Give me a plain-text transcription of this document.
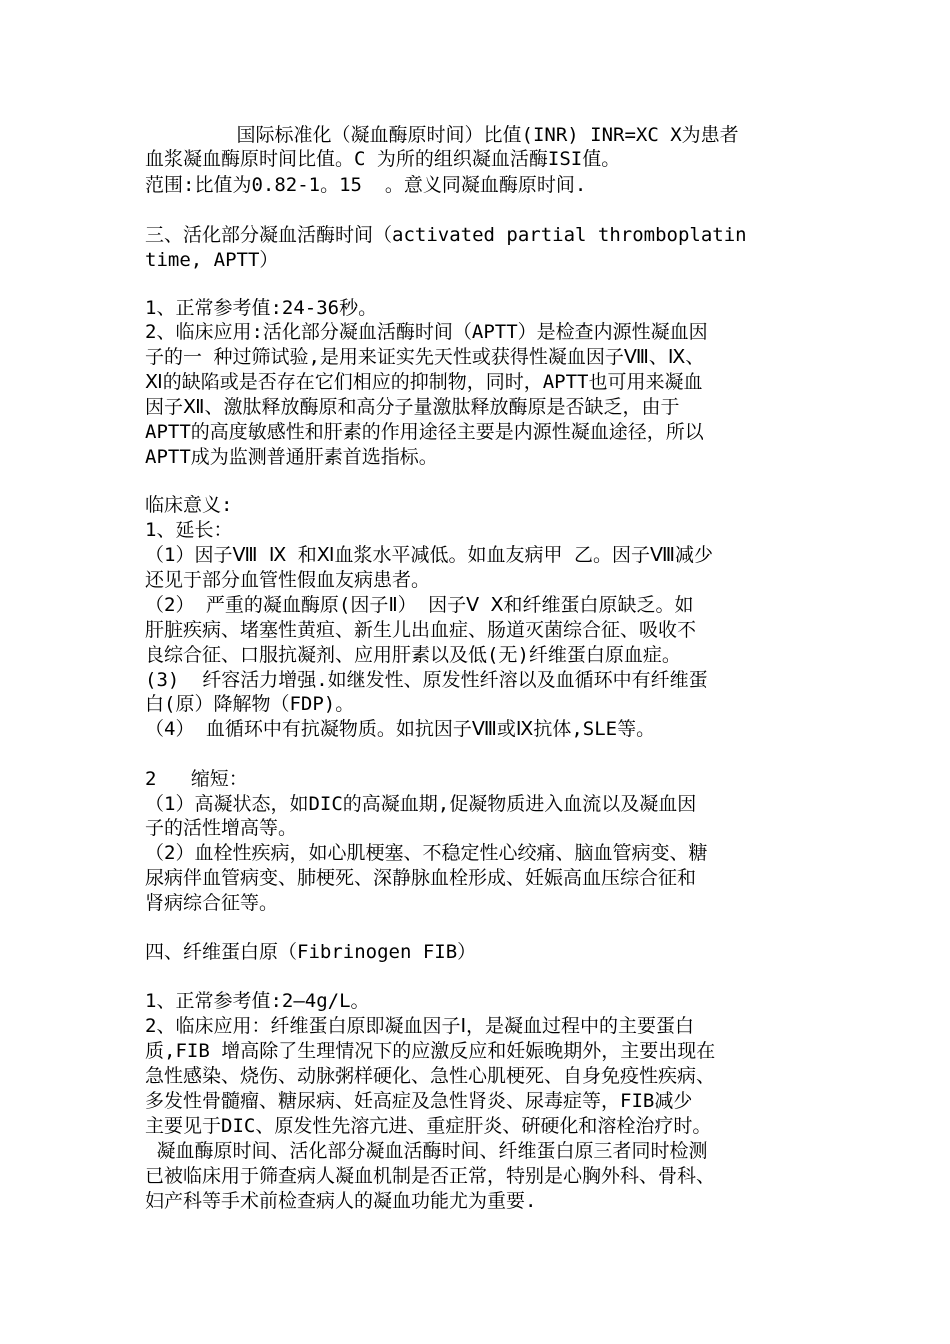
国际标准化（凝血酶原时间）比值(INR) INR=XC X为患者
血浆凝血酶原时间比值。C 为所的组织凝血活酶ISI值。
范围:比值为0.82-1。15  。意义同凝血酶原时间.
三、活化部分凝血活酶时间（activated partial thromboplatin
time, APTT）
1、正常参考值:24-36秒。
2、临床应用:活化部分凝血活酶时间（APTT）是检查内源性凝血因
子的一 种过筛试验,是用来证实先天性或获得性凝血因子Ⅷ、Ⅸ、
Ⅺ的缺陷或是否存在它们相应的抑制物，同时，APTT也可用来凝血
因子Ⅻ、激肽释放酶原和高分子量激肽释放酶原是否缺乏，由于
APTT的高度敏感性和肝素的作用途径主要是内源性凝血途径，所以
APTT成为监测普通肝素首选指标。
临床意义:
1、延长：
（1）因子Ⅷ Ⅸ 和Ⅺ血浆水平减低。如血友病甲 乙。因子Ⅷ减少
还见于部分血管性假血友病患者。
（2） 严重的凝血酶原(因子Ⅱ） 因子Ⅴ Ⅹ和纤维蛋白原缺乏。如
肝脏疾病、堵塞性黄疸、新生儿出血症、肠道灭菌综合征、吸收不
良综合征、口服抗凝剂、应用肝素以及低(无)纤维蛋白原血症。
(3)  纤容活力增强.如继发性、原发性纤溶以及血循环中有纤维蛋
白(原）降解物（FDP)。
（4） 血循环中有抗凝物质。如抗因子Ⅷ或Ⅸ抗体,SLE等。
2   缩短：
（1）高凝状态，如DIC的高凝血期,促凝物质进入血流以及凝血因
子的活性增高等。
（2）血栓性疾病，如心肌梗塞、不稳定性心绞痛、脑血管病变、糖
尿病伴血管病变、肺梗死、深静脉血栓形成、妊娠高血压综合征和
肾病综合征等。
四、纤维蛋白原（Fibrinogen FIB）
1、正常参考值:2—4g/L。
2、临床应用：纤维蛋白原即凝血因子Ⅰ，是凝血过程中的主要蛋白
质,FIB 增高除了生理情况下的应激反应和妊娠晚期外，主要出现在
急性感染、烧伤、动脉粥样硬化、急性心肌梗死、自身免疫性疾病、
多发性骨髓瘤、糖尿病、妊高症及急性肾炎、尿毒症等，FIB减少
主要见于DIC、原发性先溶亢进、重症肝炎、硏硬化和溶栓治疗时。
凝血酶原时间、活化部分凝血活酶时间、纤维蛋白原三者同时检测
已被临床用于筛查病人凝血机制是否正常，特别是心胸外科、骨科、
妇产科等手术前检查病人的凝血功能尤为重要.
